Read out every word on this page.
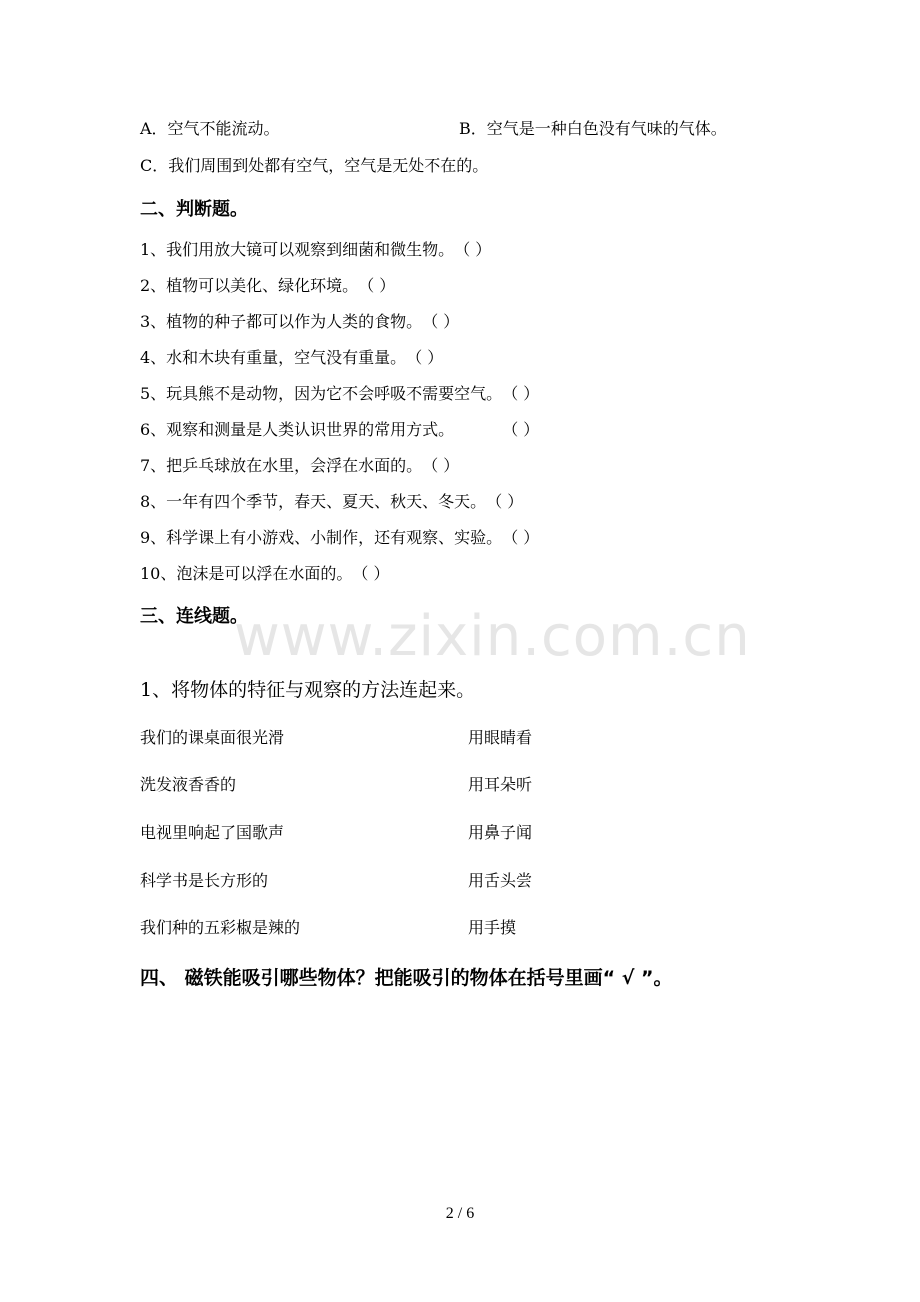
www.zixin.com.cn
A．空气不能流动。	B．空气是一种白色没有气味的气体。
C．我们周围到处都有空气，空气是无处不在的。
二、判断题。
1、我们用放大镜可以观察到细菌和微生物。（ ）
2、植物可以美化、绿化环境。（ ）
3、植物的种子都可以作为人类的食物。（ ）
4、水和木块有重量，空气没有重量。（ ）
5、玩具熊不是动物，因为它不会呼吸不需要空气。（ ）
6、观察和测量是人类认识世界的常用方式。	（ ）
7、把乒乓球放在水里，会浮在水面的。（ ）
8、一年有四个季节，春天、夏天、秋天、冬天。（ ）
9、科学课上有小游戏、小制作，还有观察、实验。（ ）
10、泡沫是可以浮在水面的。（ ）
三、连线题。
1、将物体的特征与观察的方法连起来。
我们的课桌面很光滑
洗发液香香的
电视里响起了国歌声
科学书是长方形的
我们种的五彩椒是辣的
用眼睛看
用耳朵听
用鼻子闻
用舌头尝
用手摸
四、 磁铁能吸引哪些物体？把能吸引的物体在括号里画“ √ ”。
2 / 6
